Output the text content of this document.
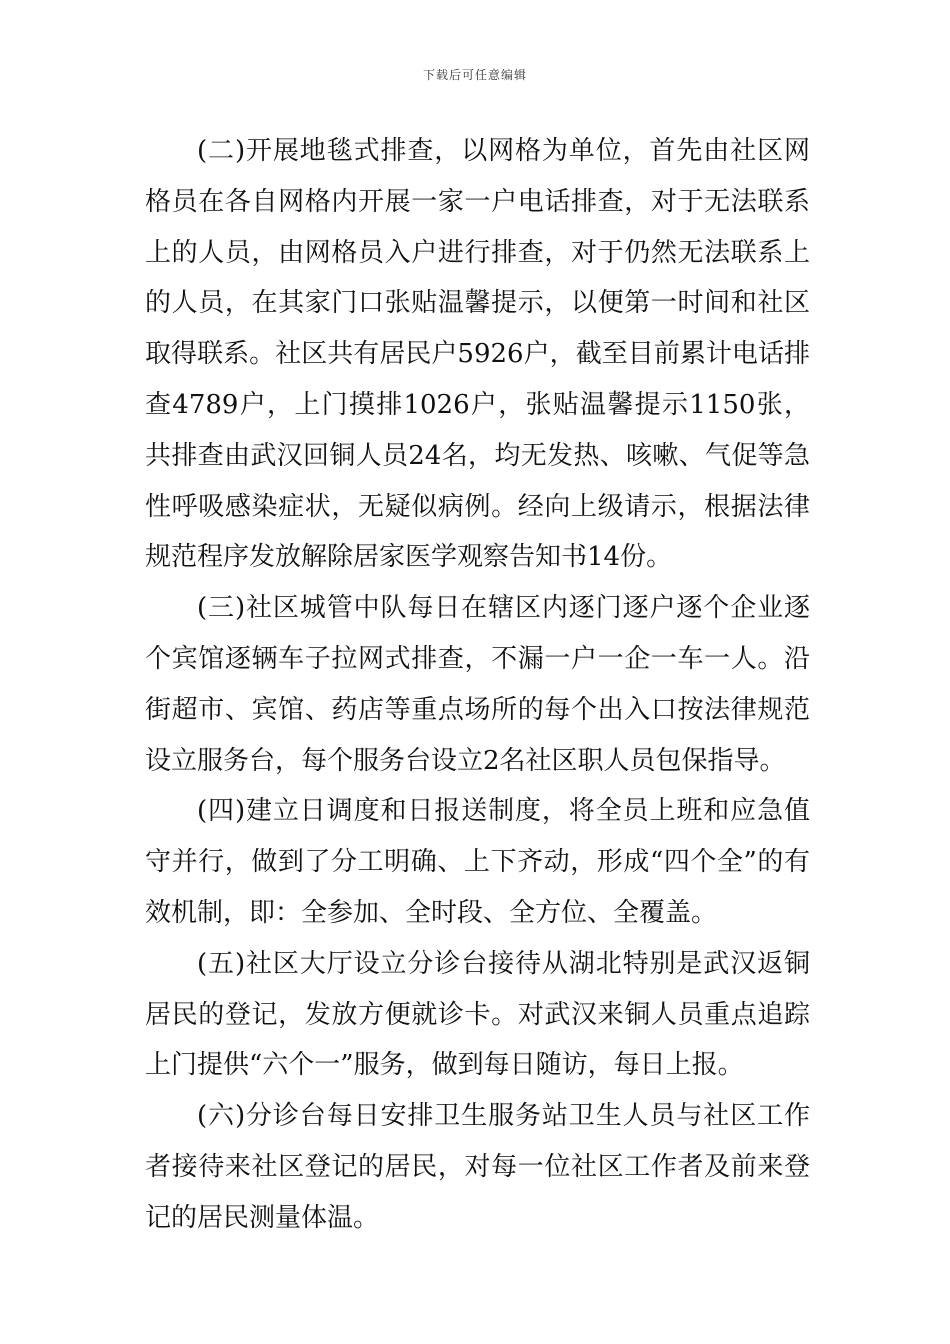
下载后可任意编辑

(二)开展地毯式排查，以网格为单位，首先由社区网格员在各自网格内开展一家一户电话排查，对于无法联系上的人员，由网格员入户进行排查，对于仍然无法联系上的人员，在其家门口张贴温馨提示，以便第一时间和社区取得联系。社区共有居民户5926户，截至目前累计电话排查4789户，上门摸排1026户，张贴温馨提示1150张，共排查由武汉回铜人员24名，均无发热、咳嗽、气促等急性呼吸感染症状，无疑似病例。经向上级请示，根据法律规范程序发放解除居家医学观察告知书14份。

(三)社区城管中队每日在辖区内逐门逐户逐个企业逐个宾馆逐辆车子拉网式排查，不漏一户一企一车一人。沿街超市、宾馆、药店等重点场所的每个出入口按法律规范设立服务台，每个服务台设立2名社区职人员包保指导。

(四)建立日调度和日报送制度，将全员上班和应急值守并行，做到了分工明确、上下齐动，形成“四个全”的有效机制，即：全参加、全时段、全方位、全覆盖。

(五)社区大厅设立分诊台接待从湖北特别是武汉返铜居民的登记，发放方便就诊卡。对武汉来铜人员重点追踪上门提供“六个一”服务，做到每日随访，每日上报。

(六)分诊台每日安排卫生服务站卫生人员与社区工作者接待来社区登记的居民，对每一位社区工作者及前来登记的居民测量体温。
